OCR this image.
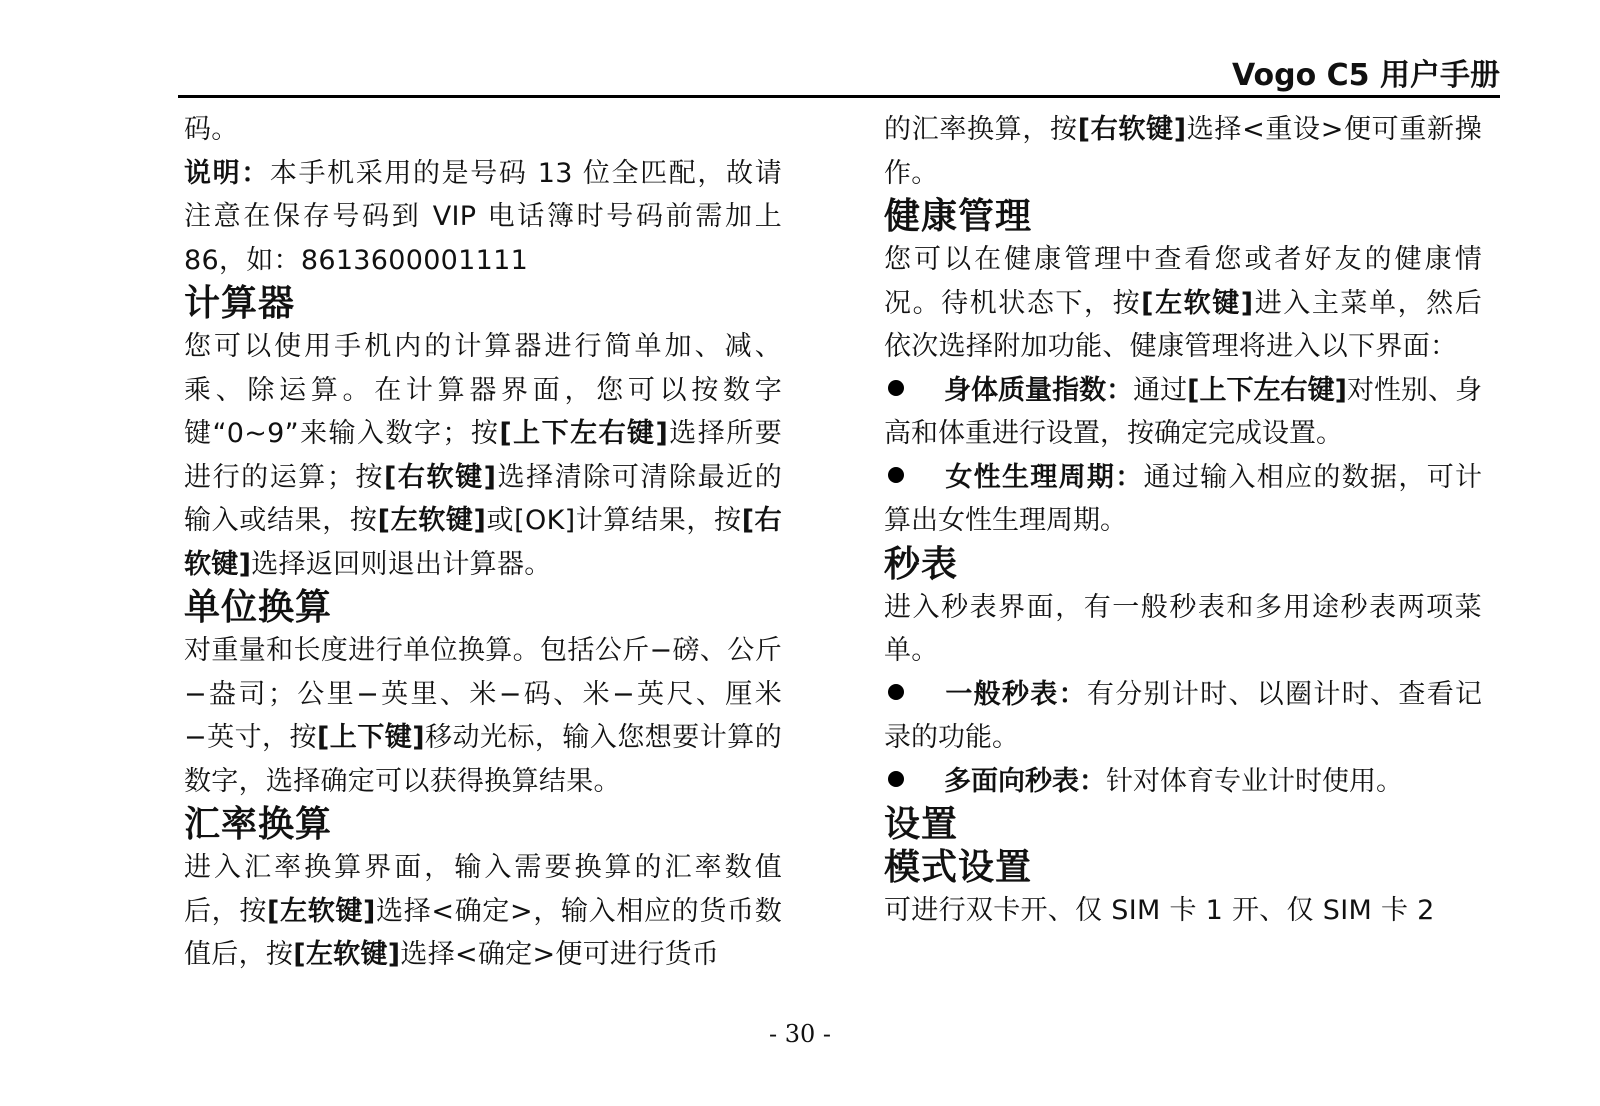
Vogo C5 用户手册

码。

说明：本手机采用的是号码 13 位全匹配，故请注意在保存号码到 VIP 电话簿时号码前需加上 86，如：8613600001111

计算器

您可以使用手机内的计算器进行简单加、减、乘、除运算。在计算器界面，您可以按数字键“0~9”来输入数字；按[上下左右键]选择所要进行的运算；按[右软键]选择清除可清除最近的输入或结果，按[左软键]或[OK]计算结果，按[右软键]选择返回则退出计算器。

单位换算

对重量和长度进行单位换算。包括公斤−磅、公斤−盎司；公里−英里、米−码、米−英尺、厘米−英寸，按[上下键]移动光标，输入您想要计算的数字，选择确定可以获得换算结果。

汇率换算

进入汇率换算界面，输入需要换算的汇率数值后，按[左软键]选择<确定>，输入相应的货币数值后，按[左软键]选择<确定>便可进行货币

的汇率换算，按[右软键]选择<重设>便可重新操作。

健康管理

您可以在健康管理中查看您或者好友的健康情况。待机状态下，按[左软键]进入主菜单，然后依次选择附加功能、健康管理将进入以下界面：

身体质量指数：通过[上下左右键]对性别、身高和体重进行设置，按确定完成设置。

女性生理周期：通过输入相应的数据，可计算出女性生理周期。

秒表

进入秒表界面，有一般秒表和多用途秒表两项菜单。

一般秒表：有分别计时、以圈计时、查看记录的功能。

多面向秒表：针对体育专业计时使用。

设置
模式设置

可进行双卡开、仅 SIM 卡 1 开、仅 SIM 卡 2

- 30 -
